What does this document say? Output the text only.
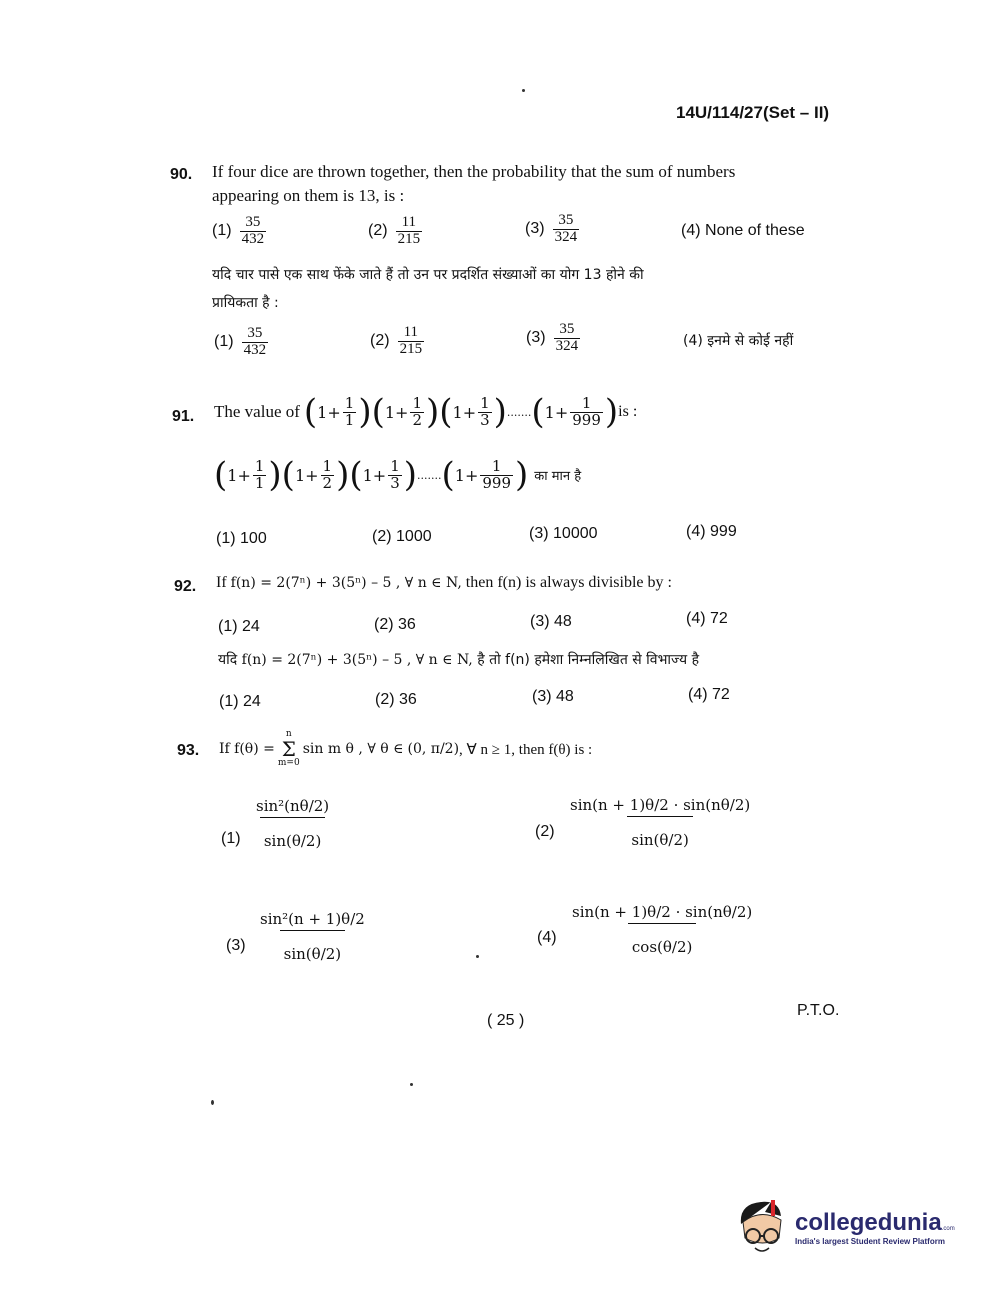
14U/114/27(Set – II)
90. If four dice are thrown together, then the probability that the sum of numbers
appearing on them is 13, is :
$(1) \frac{35}{432}$	$(2) \frac{11}{215}$	$(3) \frac{35}{324}$	(4) None of these
यदि चार पासे एक साथ फेंके जाते हैं तो उन पर प्रदर्शित संख्याओं का योग 13 होने की
प्रायिकता है :
$(1) \frac{35}{432}$	$(2) \frac{11}{215}$	$(3) \frac{35}{324}$	(4) इनमे से कोई नहीं
91. The value of ( $1 + \frac{1}{1}$ ) ( $1 + \frac{1}{2}$ ) ( $1 + \frac{1}{3}$ ) ....... ( $1 + \frac{1}{999}$ ) is :
( $1 + \frac{1}{1}$ ) ( $1 + \frac{1}{2}$ ) ( $1 + \frac{1}{3}$ ) ....... ( $1 + \frac{1}{999}$ ) का मान है
(1) 100	(2) 1000	(3) 10000	(4) 999
92. If f(n) = 2(7ⁿ) + 3(5ⁿ) – 5 , ∀ n ∈ N, then f(n) is always divisible by :
(1) 24	(2) 36	(3) 48	(4) 72
यदि f(n) = 2(7ⁿ) + 3(5ⁿ) – 5 , ∀ n ∈ N, है तो f(n) हमेशा निम्नलिखित से विभाज्य है
(1) 24	(2) 36	(3) 48	(4) 72
93. If f(θ) =
n
Σ
m=0
sin m θ , ∀ θ ∈ (0, π/2) , ∀ n ≥ 1, then f(θ) is :
(1)
sin²(nθ/2)
sin(θ/2)
(2)
sin(n + 1)θ/2 · sin(nθ/2)
sin(θ/2)
(3)
sin²(n + 1)θ/2
sin(θ/2)
(4)
sin(n + 1)θ/2 · sin(nθ/2)
cos(θ/2)
( 25 )
P.T.O.
collegedunia .com
India's largest Student Review Platform
